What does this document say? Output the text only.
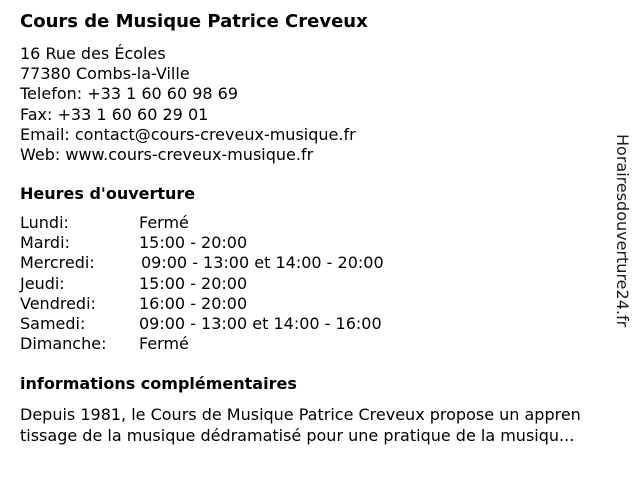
Cours de Musique Patrice Creveux
16 Rue des Écoles
77380 Combs-la-Ville
Telefon: +33 1 60 60 98 69
Fax: +33 1 60 60 29 01
Email: contact@cours-creveux-musique.fr
Web: www.cours-creveux-musique.fr
Heures d'ouverture
Lundi:	Fermé
Mardi:	15:00 - 20:00
Mercredi:	09:00 - 13:00 et 14:00 - 20:00
Jeudi:	15:00 - 20:00
Vendredi:	16:00 - 20:00
Samedi:	09:00 - 13:00 et 14:00 - 16:00
Dimanche: Fermé
informations complémentaires
Depuis 1981, le Cours de Musique Patrice Creveux propose un appren
tissage de la musique dédramatisé pour une pratique de la musiqu...
Horairesdouverture24.fr
